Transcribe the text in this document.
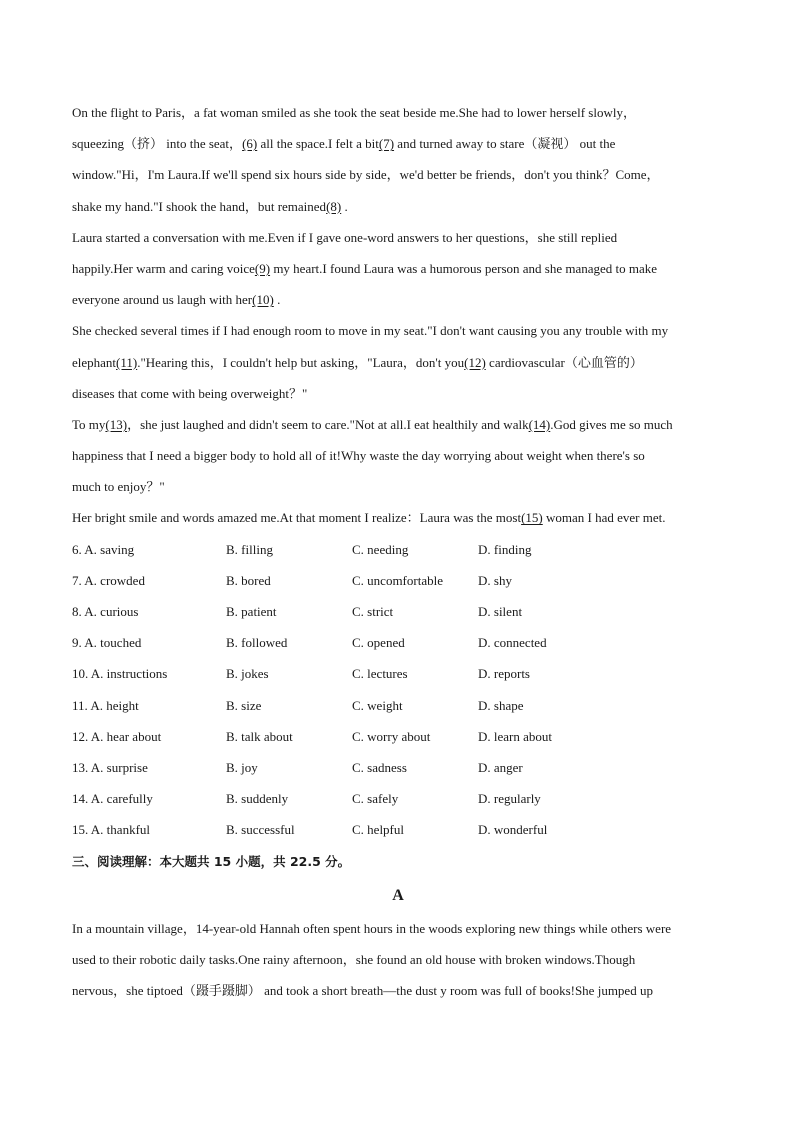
On the flight to Paris，a fat woman smiled as she took the seat beside me.She had to lower herself slowly，
squeezing（挤） into the seat，(6) all the space.I felt a bit(7) and turned away to stare（凝视） out the
window."Hi，I'm Laura.If we'll spend six hours side by side，we'd better be friends，don't you think？Come，
shake my hand."I shook the hand，but remained(8) .
Laura started a conversation with me.Even if I gave one-word answers to her questions，she still replied
happily.Her warm and caring voice(9) my heart.I found Laura was a humorous person and she managed to make
everyone around us laugh with her(10) .
She checked several times if I had enough room to move in my seat."I don't want causing you any trouble with my
elephant(11)."Hearing this，I couldn't help but asking，"Laura，don't you(12) cardiovascular（心血管的）
diseases that come with being overweight？"
To my(13)，she just laughed and didn't seem to care."Not at all.I eat healthily and walk(14).God gives me so much
happiness that I need a bigger body to hold all of it!Why waste the day worrying about weight when there's so
much to enjoy？"
Her bright smile and words amazed me.At that moment I realize：Laura was the most(15) woman I had ever met.
6. A. saving	B. filling	C. needing	D. finding
7. A. crowded	B. bored	C. uncomfortable	D. shy
8. A. curious	B. patient	C. strict	D. silent
9. A. touched	B. followed	C. opened	D. connected
10. A. instructions	B. jokes	C. lectures	D. reports
11. A. height	B. size	C. weight	D. shape
12. A. hear about	B. talk about	C. worry about	D. learn about
13. A. surprise	B. joy	C. sadness	D. anger
14. A. carefully	B. suddenly	C. safely	D. regularly
15. A. thankful	B. successful	C. helpful	D. wonderful
三、阅读理解：本大题共 15 小题，共 22.5 分。
A
In a mountain village，14-year-old Hannah often spent hours in the woods exploring new things while others were
used to their robotic daily tasks.One rainy afternoon，she found an old house with broken windows.Though
nervous，she tiptoed（蹑手蹑脚） and took a short breath—the dust y room was full of books!She jumped up
